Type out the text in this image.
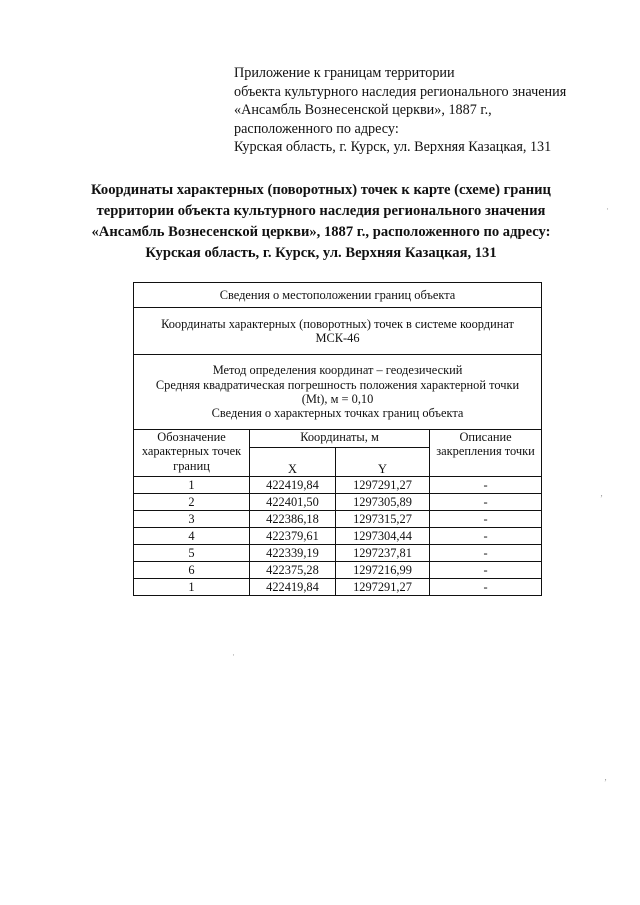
Приложение к границам территории
объекта культурного наследия регионального значения
«Ансамбль Вознесенской церкви», 1887 г.,
расположенного по адресу:
Курская область, г. Курск, ул. Верхняя Казацкая, 131
Координаты характерных (поворотных) точек к карте (схеме) границ
территории объекта культурного наследия регионального значения
«Ансамбль Вознесенской церкви», 1887 г., расположенного по адресу:
Курская область, г. Курск, ул. Верхняя Казацкая, 131
Сведения о местоположении границ объекта			

Координаты характерных (поворотных) точек в системе координат
МСК-46			

Метод определения координат – геодезический
Средняя квадратическая погрешность положения характерной точки
(Mt), м = 0,10
Сведения о характерных точках границ объекта			

Обозначение характерных точек границ	Координаты, м		Описание закрепления точки
	X	Y	
1	422419,84	1297291,27	-
2	422401,50	1297305,89	-
3	422386,18	1297315,27	-
4	422379,61	1297304,44	-
5	422339,19	1297237,81	-
6	422375,28	1297216,99	-
1	422419,84	1297291,27	-
·
‚
‚
·
